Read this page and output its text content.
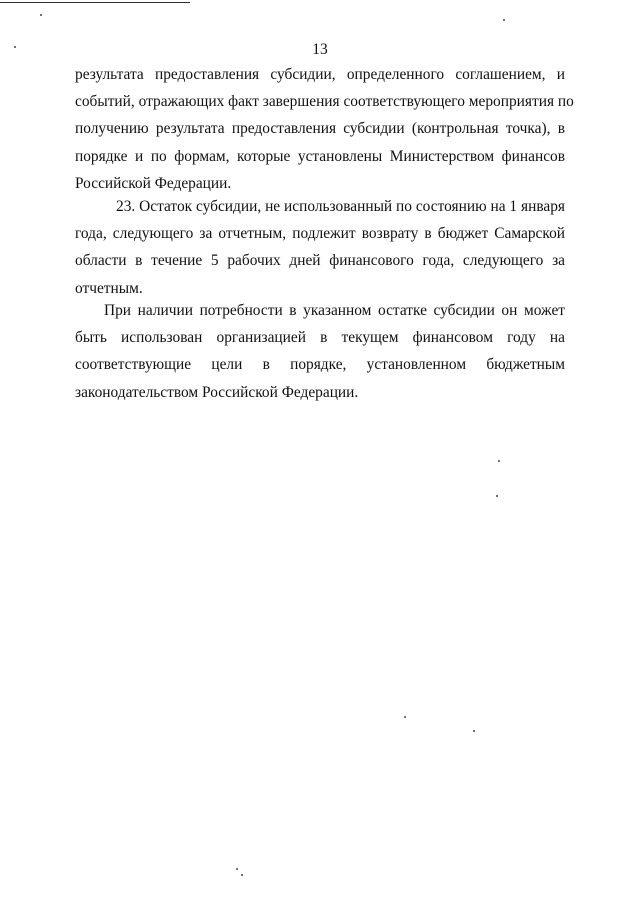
13
результата предоставления субсидии, определенного соглашением, и
событий, отражающих факт завершения соответствующего мероприятия по
получению результата предоставления субсидии (контрольная точка), в
порядке и по формам, которые установлены Министерством финансов
Российской Федерации.
23. Остаток субсидии, не использованный по состоянию на 1 января
года, следующего за отчетным, подлежит возврату в бюджет Самарской
области в течение 5 рабочих дней финансового года, следующего за
отчетным.
При наличии потребности в указанном остатке субсидии он может
быть использован организацией в текущем финансовом году на
соответствующие цели в порядке, установленном бюджетным
законодательством Российской Федерации.
